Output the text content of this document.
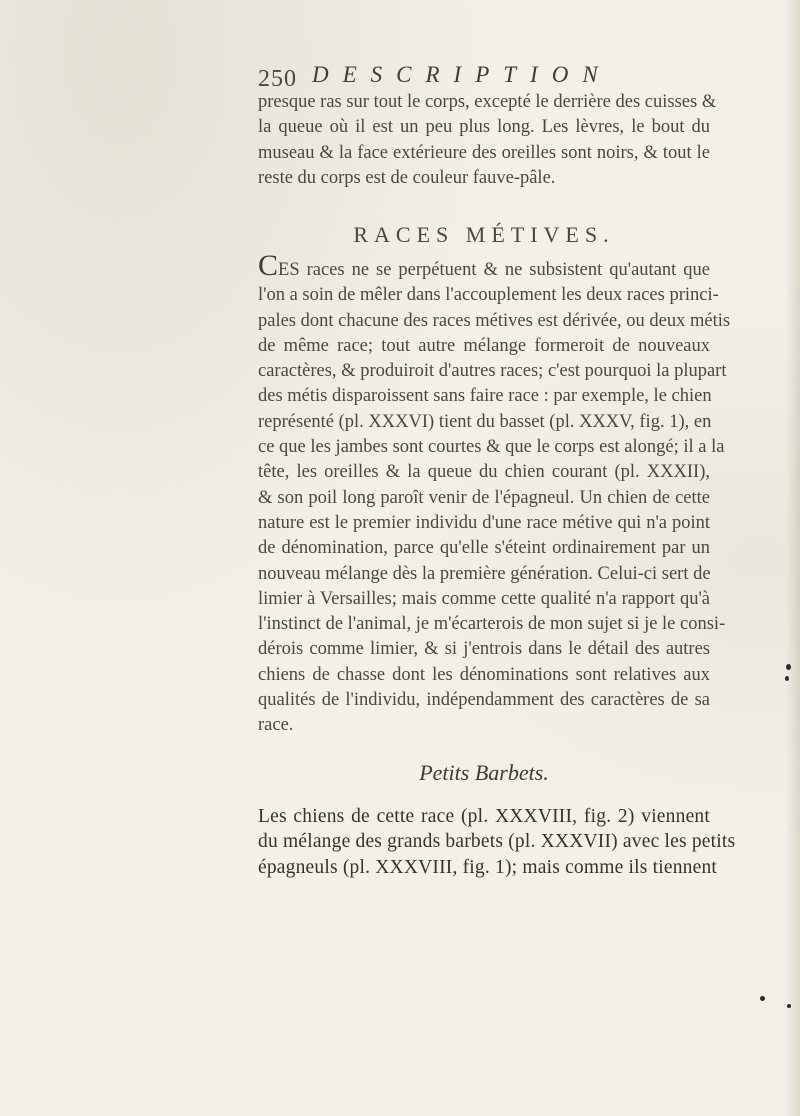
250 DESCRIPTION
presque ras sur tout le corps, excepté le derrière des cuisses &
la queue où il est un peu plus long. Les lèvres, le bout du
museau & la face extérieure des oreilles sont noirs, & tout le
reste du corps est de couleur fauve-pâle.
RACES MÉTIVES.
CES races ne se perpétuent & ne subsistent qu'autant que
l'on a soin de mêler dans l'accouplement les deux races princi-
pales dont chacune des races métives est dérivée, ou deux métis
de même race; tout autre mélange formeroit de nouveaux
caractères, & produiroit d'autres races; c'est pourquoi la plupart
des métis disparoissent sans faire race : par exemple, le chien
représenté (pl. XXXVI) tient du basset (pl. XXXV, fig. 1), en
ce que les jambes sont courtes & que le corps est alongé; il a la
tête, les oreilles & la queue du chien courant (pl. XXXII),
& son poil long paroît venir de l'épagneul. Un chien de cette
nature est le premier individu d'une race métive qui n'a point
de dénomination, parce qu'elle s'éteint ordinairement par un
nouveau mélange dès la première génération. Celui-ci sert de
limier à Versailles; mais comme cette qualité n'a rapport qu'à
l'instinct de l'animal, je m'écarterois de mon sujet si je le consi-
dérois comme limier, & si j'entrois dans le détail des autres
chiens de chasse dont les dénominations sont relatives aux
qualités de l'individu, indépendamment des caractères de sa
race.
Petits Barbets.
Les chiens de cette race (pl. XXXVIII, fig. 2) viennent
du mélange des grands barbets (pl. XXXVII) avec les petits
épagneuls (pl. XXXVIII, fig. 1); mais comme ils tiennent
